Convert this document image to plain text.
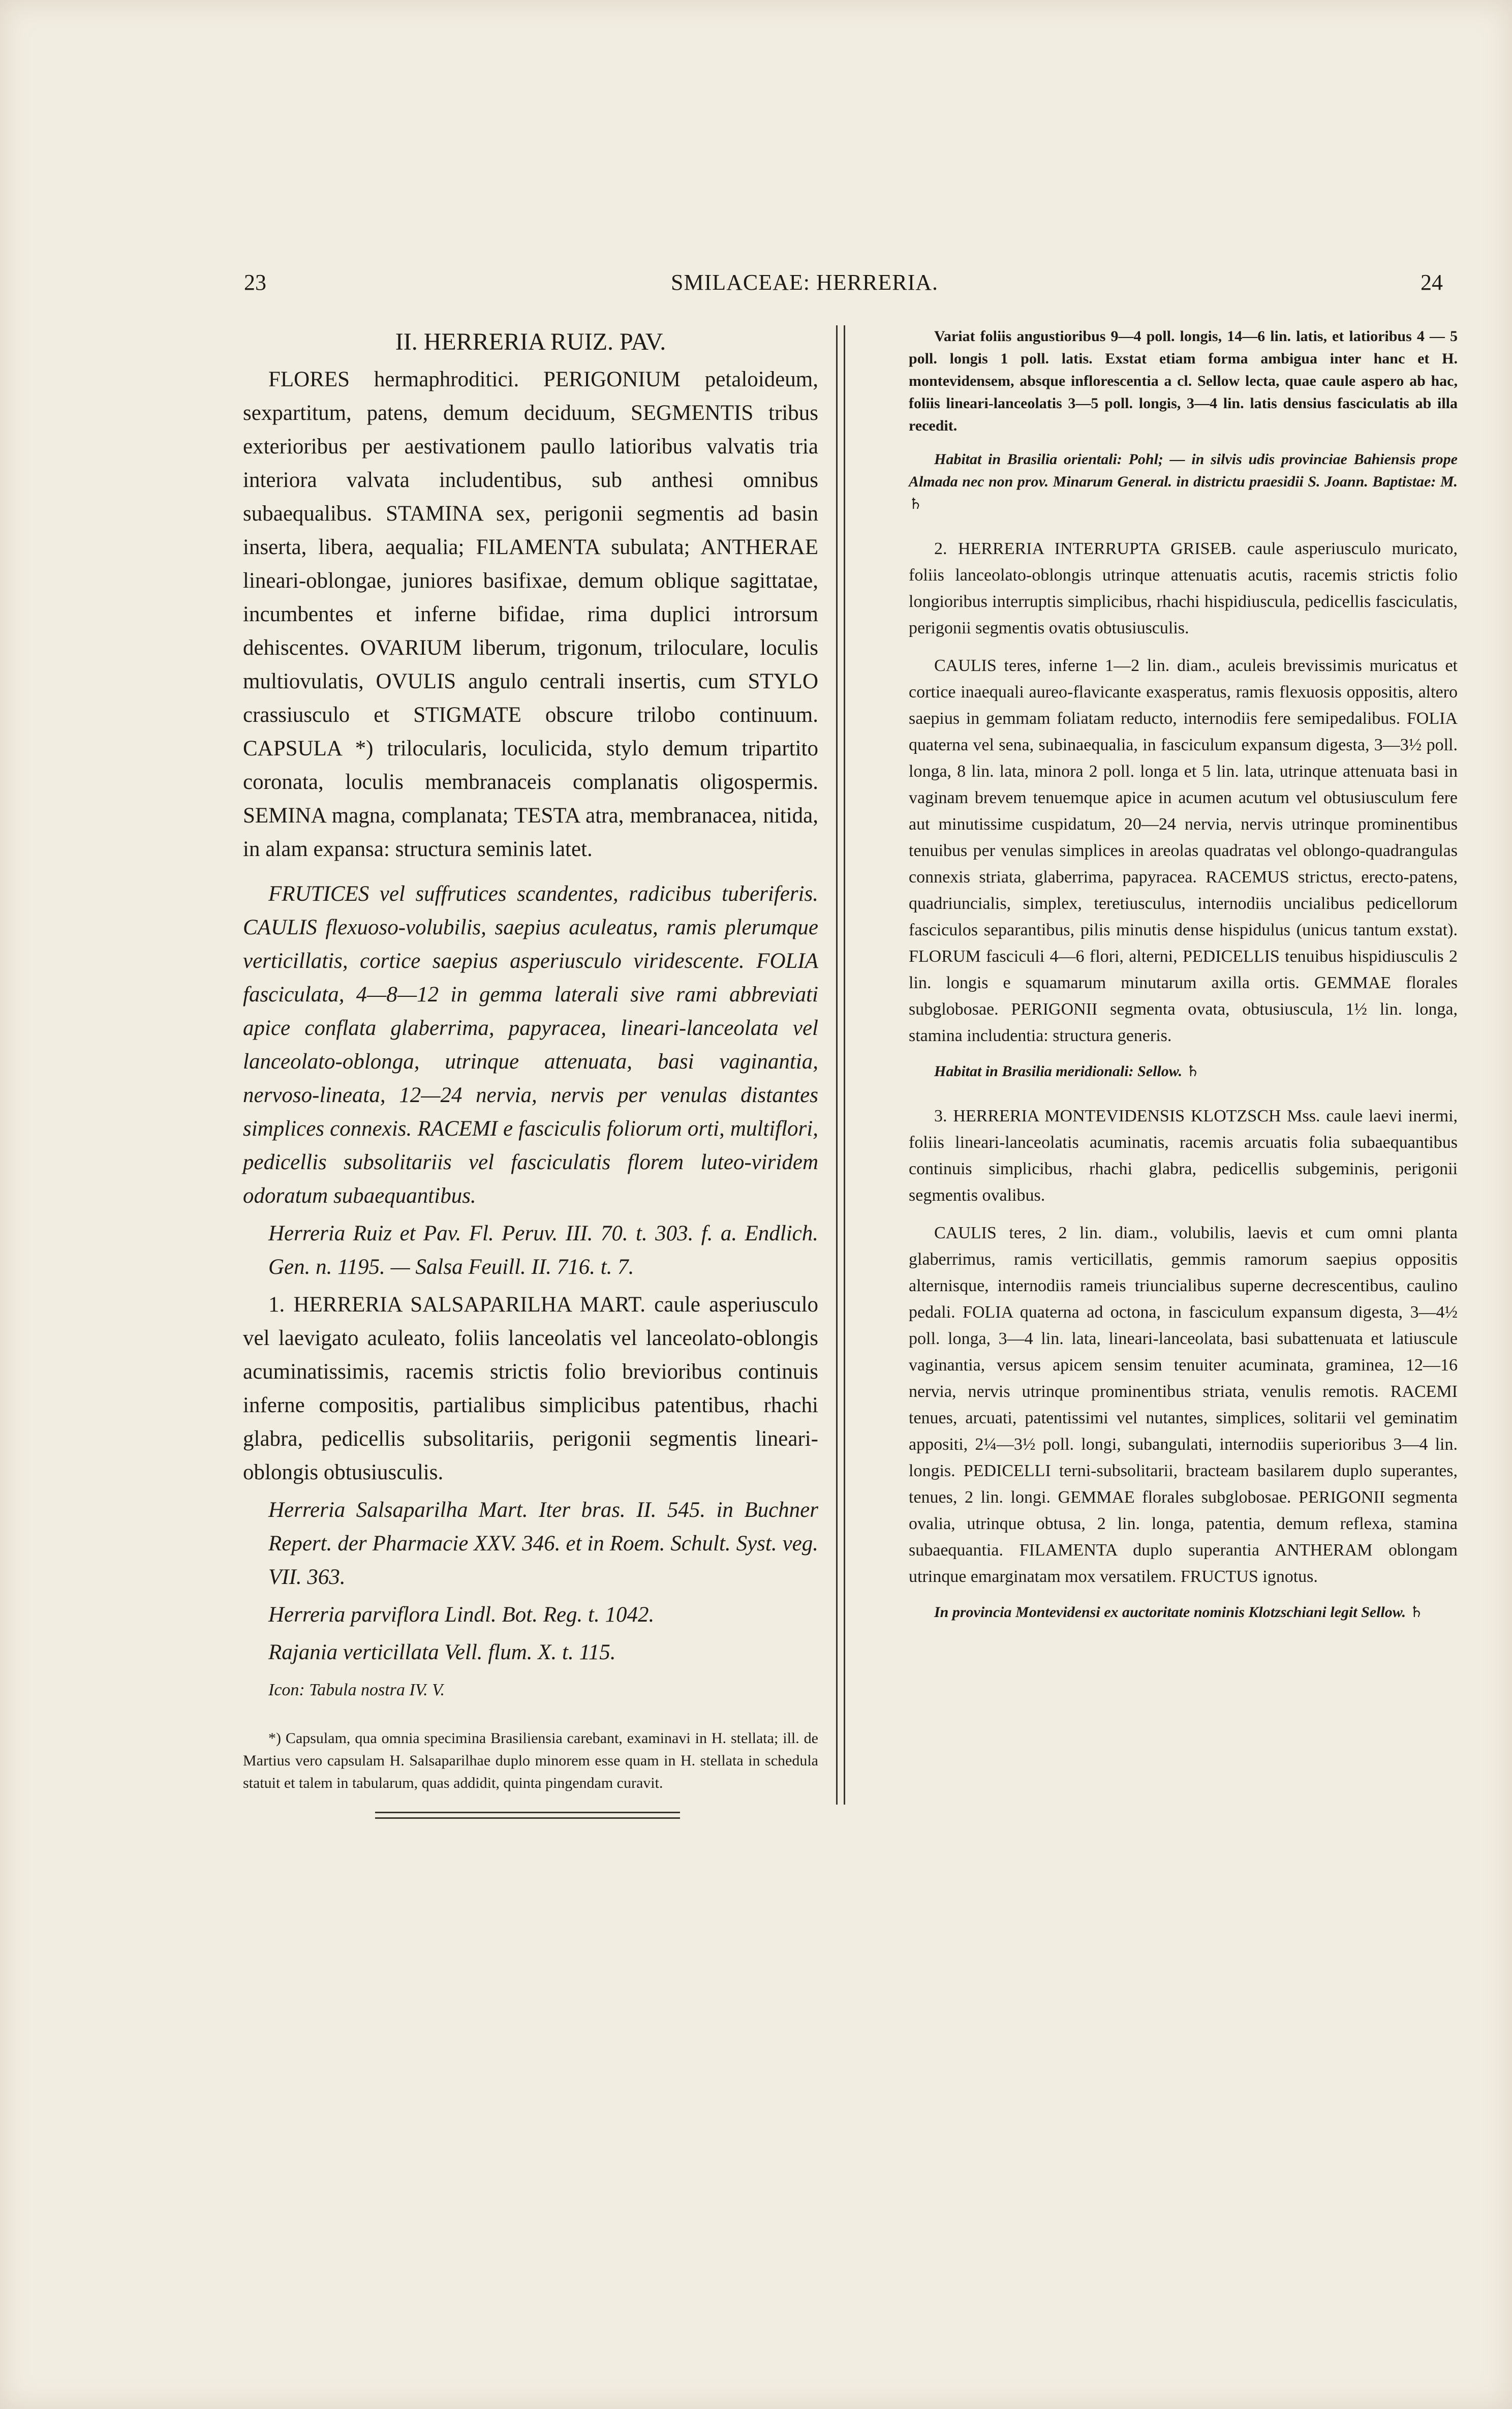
23	SMILACEAE: HERRERIA.	24

II. HERRERIA RUIZ. PAV.

FLORES hermaphroditici. PERIGONIUM petaloideum, sexpartitum, patens, demum deciduum, SEGMENTIS tribus exterioribus per aestivationem paullo latioribus valvatis tria interiora valvata includentibus, sub anthesi omnibus subaequalibus. STAMINA sex, perigonii segmentis ad basin inserta, libera, aequalia; FILAMENTA subulata; ANTHERAE lineari-oblongae, juniores basifixae, demum oblique sagittatae, incumbentes et inferne bifidae, rima duplici introrsum dehiscentes. OVARIUM liberum, trigonum, triloculare, loculis multiovulatis, OVULIS angulo centrali insertis, cum STYLO crassiusculo et STIGMATE obscure trilobo continuum. CAPSULA *) trilocularis, loculicida, stylo demum tripartito coronata, loculis membranaceis complanatis oligospermis. SEMINA magna, complanata; TESTA atra, membranacea, nitida, in alam expansa: structura seminis latet.

FRUTICES vel suffrutices scandentes, radicibus tuberiferis. CAULIS flexuoso-volubilis, saepius aculeatus, ramis plerumque verticillatis, cortice saepius asperiusculo viridescente. FOLIA fasciculata, 4—8—12 in gemma laterali sive rami abbreviati apice conflata glaberrima, papyracea, lineari-lanceolata vel lanceolato-oblonga, utrinque attenuata, basi vaginantia, nervoso-lineata, 12—24 nervia, nervis per venulas distantes simplices connexis. RACEMI e fasciculis foliorum orti, multiflori, pedicellis subsolitariis vel fasciculatis florem luteo-viridem odoratum subaequantibus.

Herreria Ruiz et Pav. Fl. Peruv. III. 70. t. 303. f. a. Endlich. Gen. n. 1195. — Salsa Feuill. II. 716. t. 7.

1. HERRERIA SALSAPARILHA MART. caule asperiusculo vel laevigato aculeato, foliis lanceolatis vel lanceolato-oblongis acuminatissimis, racemis strictis folio brevioribus continuis inferne compositis, partialibus simplicibus patentibus, rhachi glabra, pedicellis subsolitariis, perigonii segmentis lineari-oblongis obtusiusculis.

Herreria Salsaparilha Mart. Iter bras. II. 545. in Buchner Repert. der Pharmacie XXV. 346. et in Roem. Schult. Syst. veg. VII. 363.

Herreria parviflora Lindl. Bot. Reg. t. 1042.

Rajania verticillata Vell. flum. X. t. 115.

Icon: Tabula nostra IV. V.

*) Capsulam, qua omnia specimina Brasiliensia carebant, examinavi in H. stellata; ill. de Martius vero capsulam H. Salsaparilhae duplo minorem esse quam in H. stellata in schedula statuit et talem in tabularum, quas addidit, quinta pingendam curavit.

Variat foliis angustioribus 9—4 poll. longis, 14—6 lin. latis, et latioribus 4 — 5 poll. longis 1 poll. latis. Exstat etiam forma ambigua inter hanc et H. montevidensem, absque inflorescentia a cl. Sellow lecta, quae caule aspero ab hac, foliis lineari-lanceolatis 3—5 poll. longis, 3—4 lin. latis densius fasciculatis ab illa recedit.

Habitat in Brasilia orientali: Pohl; — in silvis udis provinciae Bahiensis prope Almada nec non prov. Minarum General. in districtu praesidii S. Joann. Baptistae: M. ♄

2. HERRERIA INTERRUPTA GRISEB. caule asperiusculo muricato, foliis lanceolato-oblongis utrinque attenuatis acutis, racemis strictis folio longioribus interruptis simplicibus, rhachi hispidiuscula, pedicellis fasciculatis, perigonii segmentis ovatis obtusiusculis.

CAULIS teres, inferne 1—2 lin. diam., aculeis brevissimis muricatus et cortice inaequali aureo-flavicante exasperatus, ramis flexuosis oppositis, altero saepius in gemmam foliatam reducto, internodiis fere semipedalibus. FOLIA quaterna vel sena, subinaequalia, in fasciculum expansum digesta, 3—3½ poll. longa, 8 lin. lata, minora 2 poll. longa et 5 lin. lata, utrinque attenuata basi in vaginam brevem tenuemque apice in acumen acutum vel obtusiusculum fere aut minutissime cuspidatum, 20—24 nervia, nervis utrinque prominentibus tenuibus per venulas simplices in areolas quadratas vel oblongo-quadrangulas connexis striata, glaberrima, papyracea. RACEMUS strictus, erecto-patens, quadriuncialis, simplex, teretiusculus, internodiis uncialibus pedicellorum fasciculos separantibus, pilis minutis dense hispidulus (unicus tantum exstat). FLORUM fasciculi 4—6 flori, alterni, PEDICELLIS tenuibus hispidiusculis 2 lin. longis e squamarum minutarum axilla ortis. GEMMAE florales subglobosae. PERIGONII segmenta ovata, obtusiuscula, 1½ lin. longa, stamina includentia: structura generis.

Habitat in Brasilia meridionali: Sellow. ♄

3. HERRERIA MONTEVIDENSIS KLOTZSCH Mss. caule laevi inermi, foliis lineari-lanceolatis acuminatis, racemis arcuatis folia subaequantibus continuis simplicibus, rhachi glabra, pedicellis subgeminis, perigonii segmentis ovalibus.

CAULIS teres, 2 lin. diam., volubilis, laevis et cum omni planta glaberrimus, ramis verticillatis, gemmis ramorum saepius oppositis alternisque, internodiis rameis triuncialibus superne decrescentibus, caulino pedali. FOLIA quaterna ad octona, in fasciculum expansum digesta, 3—4½ poll. longa, 3—4 lin. lata, lineari-lanceolata, basi subattenuata et latiuscule vaginantia, versus apicem sensim tenuiter acuminata, graminea, 12—16 nervia, nervis utrinque prominentibus striata, venulis remotis. RACEMI tenues, arcuati, patentissimi vel nutantes, simplices, solitarii vel geminatim appositi, 2¼—3½ poll. longi, subangulati, internodiis superioribus 3—4 lin. longis. PEDICELLI terni-subsolitarii, bracteam basilarem duplo superantes, tenues, 2 lin. longi. GEMMAE florales subglobosae. PERIGONII segmenta ovalia, utrinque obtusa, 2 lin. longa, patentia, demum reflexa, stamina subaequantia. FILAMENTA duplo superantia ANTHERAM oblongam utrinque emarginatam mox versatilem. FRUCTUS ignotus.

In provincia Montevidensi ex auctoritate nominis Klotzschiani legit Sellow. ♄
